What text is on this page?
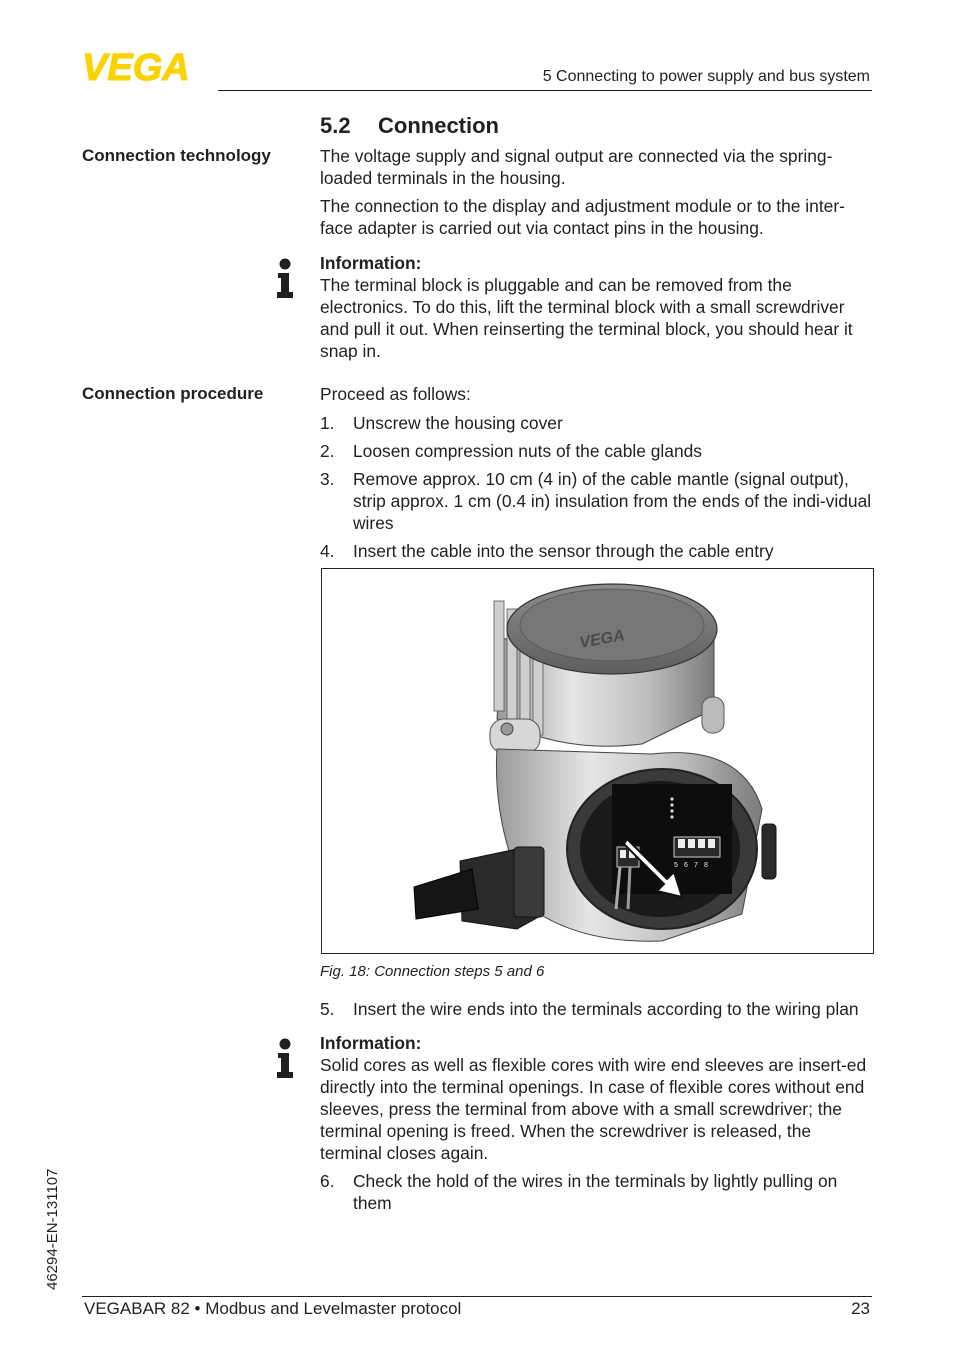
VEGA	5 Connecting to power supply and bus system
5.2 Connection
Connection technology	The voltage supply and signal output are connected via the spring-loaded terminals in the housing.
The connection to the display and adjustment module or to the inter-face adapter is carried out via contact pins in the housing.
Information:
The terminal block is pluggable and can be removed from the electronics. To do this, lift the terminal block with a small screwdriver and pull it out. When reinserting the terminal block, you should hear it snap in.
Connection procedure	Proceed as follows:
1. Unscrew the housing cover
2. Loosen compression nuts of the cable glands
3. Remove approx. 10 cm (4 in) of the cable mantle (signal output), strip approx. 1 cm (0.4 in) insulation from the ends of the indi-vidual wires
4. Insert the cable into the sensor through the cable entry
VEGA
5 6 7 8
Fig. 18: Connection steps 5 and 6
5. Insert the wire ends into the terminals according to the wiring plan
Information:
Solid cores as well as flexible cores with wire end sleeves are insert-ed directly into the terminal openings. In case of flexible cores without end sleeves, press the terminal from above with a small screwdriver; the terminal opening is freed. When the screwdriver is released, the terminal closes again.
6. Check the hold of the wires in the terminals by lightly pulling on them
46294-EN-131107
VEGABAR 82 • Modbus and Levelmaster protocol	23
